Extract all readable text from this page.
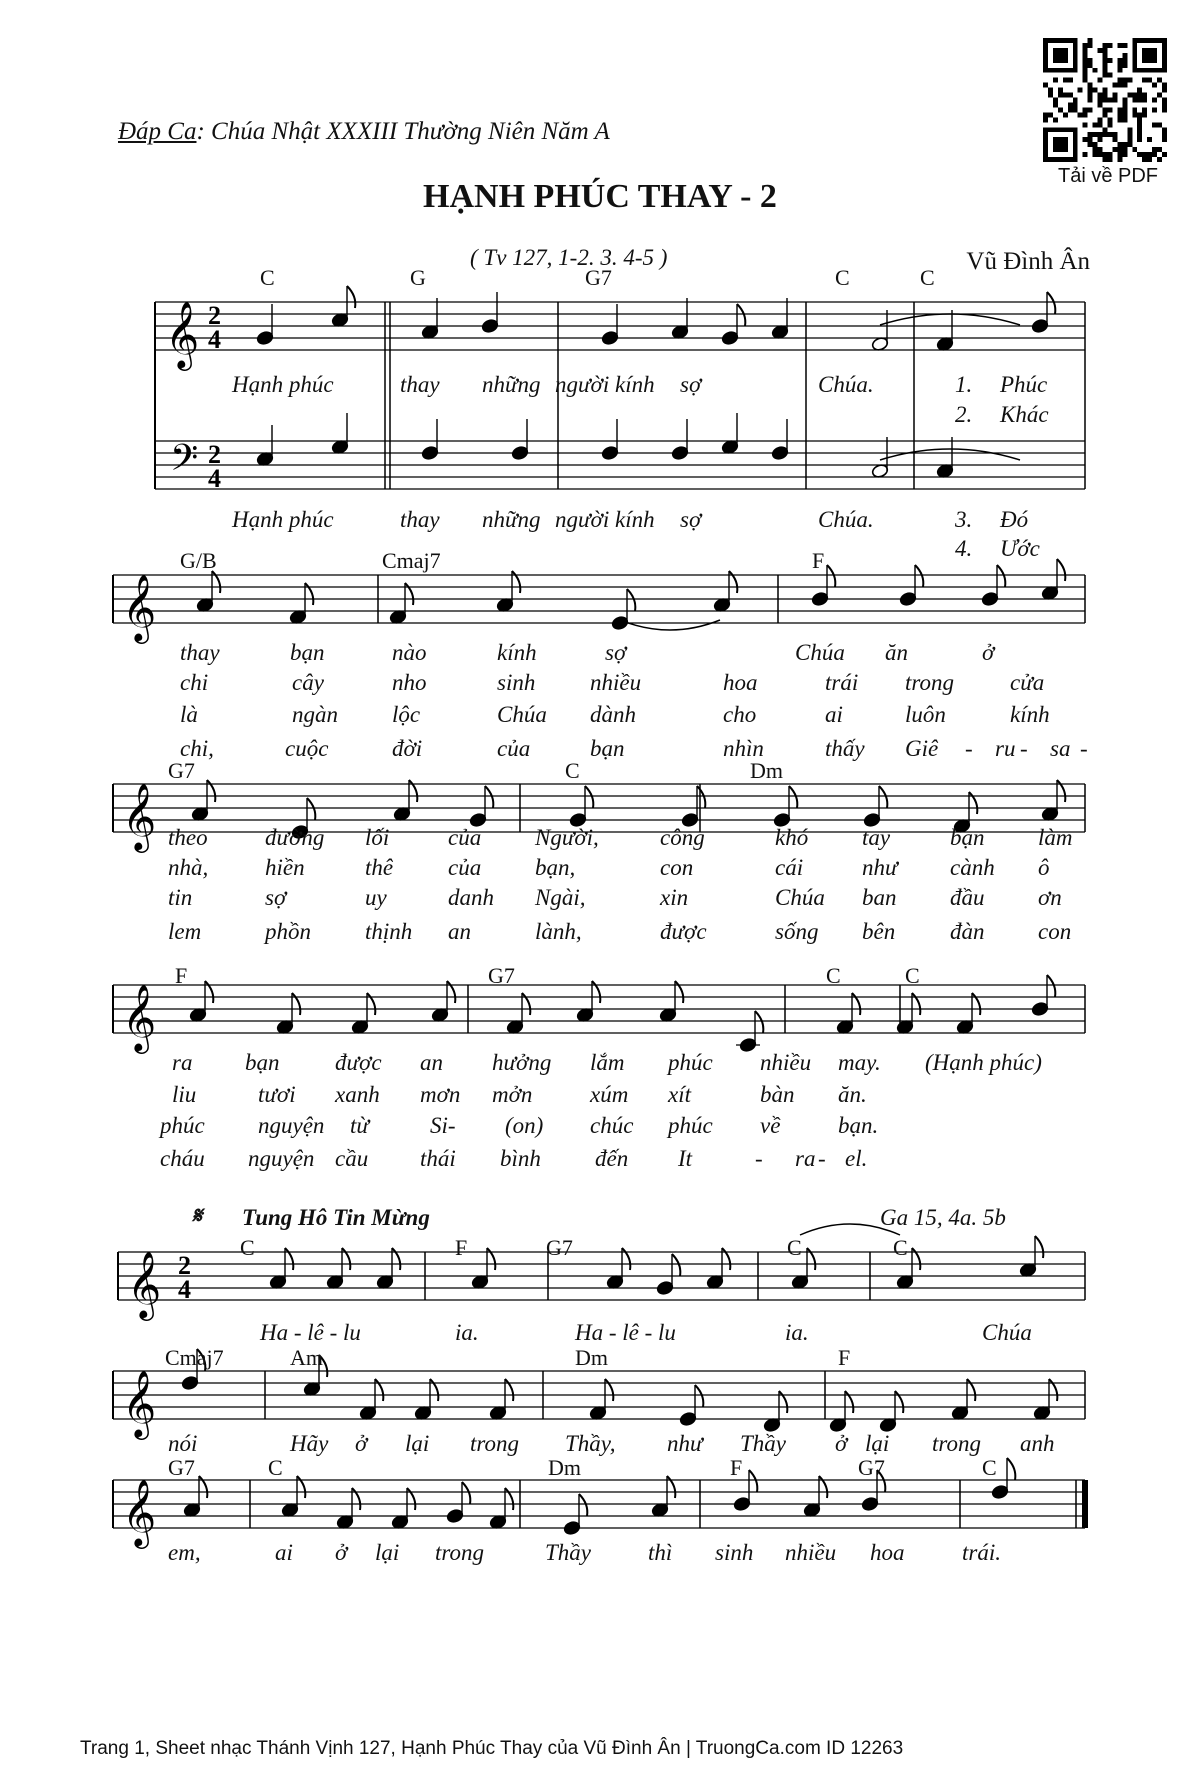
Đáp Ca: Chúa Nhật XXXIII Thường Niên Năm A
HẠNH PHÚC THAY - 2
( Tv 127, 1-2. 3. 4-5 )	Vũ Đình Ân
Tải về PDF
𝄞
𝄢
2
4
2
4
𝄞
𝄞
𝄞
𝄞 2
4
𝄞
𝄞
C	G	G7	C	C
Hạnh phúc	thay những người kính sợ	Chúa.	1. Phúc
2. Khác
Hạnh phúc	thay những người kính sợ	Chúa.	3. Đó
4. Ước
G/B	Cmaj7	F
thay	bạn	nào	kính	sợ	Chúa ăn	ở
chi	cây	nho	sinh nhiều	hoa	trái trong cửa
là	ngàn lộc	Chúa dành	cho	ai	luôn	kính
chi,	cuộc	đời	của	bạn	nhìn	thấy Giê - ru - sa -
G7	C	Dm
theo đường lối	của Người,	công	khó tay	bạn làm
nhà, hiền	thê của bạn,	con	cái	như cành ô
tin	sợ	uy	danh Ngài,	xin	Chúa ban đầu ơn
lem	phồn thịnh an	lành,	được	sống bên đàn con
F	G7	C	C
ra bạn được an hưởng lắm phúc nhiều may. (Hạnh phúc)
liu	tươi xanh mơn mởn	xúm xít	bàn ăn.
phúc nguyện từ	Si- (on) chúc phúc về	bạn.
cháu nguyện cầu thái bình đến It	- ra - el.
𝄋 Tung Hô Tin Mừng	Ga 15, 4a. 5b
C	F	G7	C	C
Ha - lê - lu	ia.	Ha - lê - lu	ia.	Chúa
Cmaj7	Am	Dm	F
nói	Hãy ở lại trong Thầy, như Thầy ở lại trong anh
G7	C	Dm	F	G7	C
em,	ai ở lại trong	Thầy thì sinh nhiều hoa	trái.
Trang 1, Sheet nhạc Thánh Vịnh 127, Hạnh Phúc Thay của Vũ Đình Ân | TruongCa.com ID 12263
